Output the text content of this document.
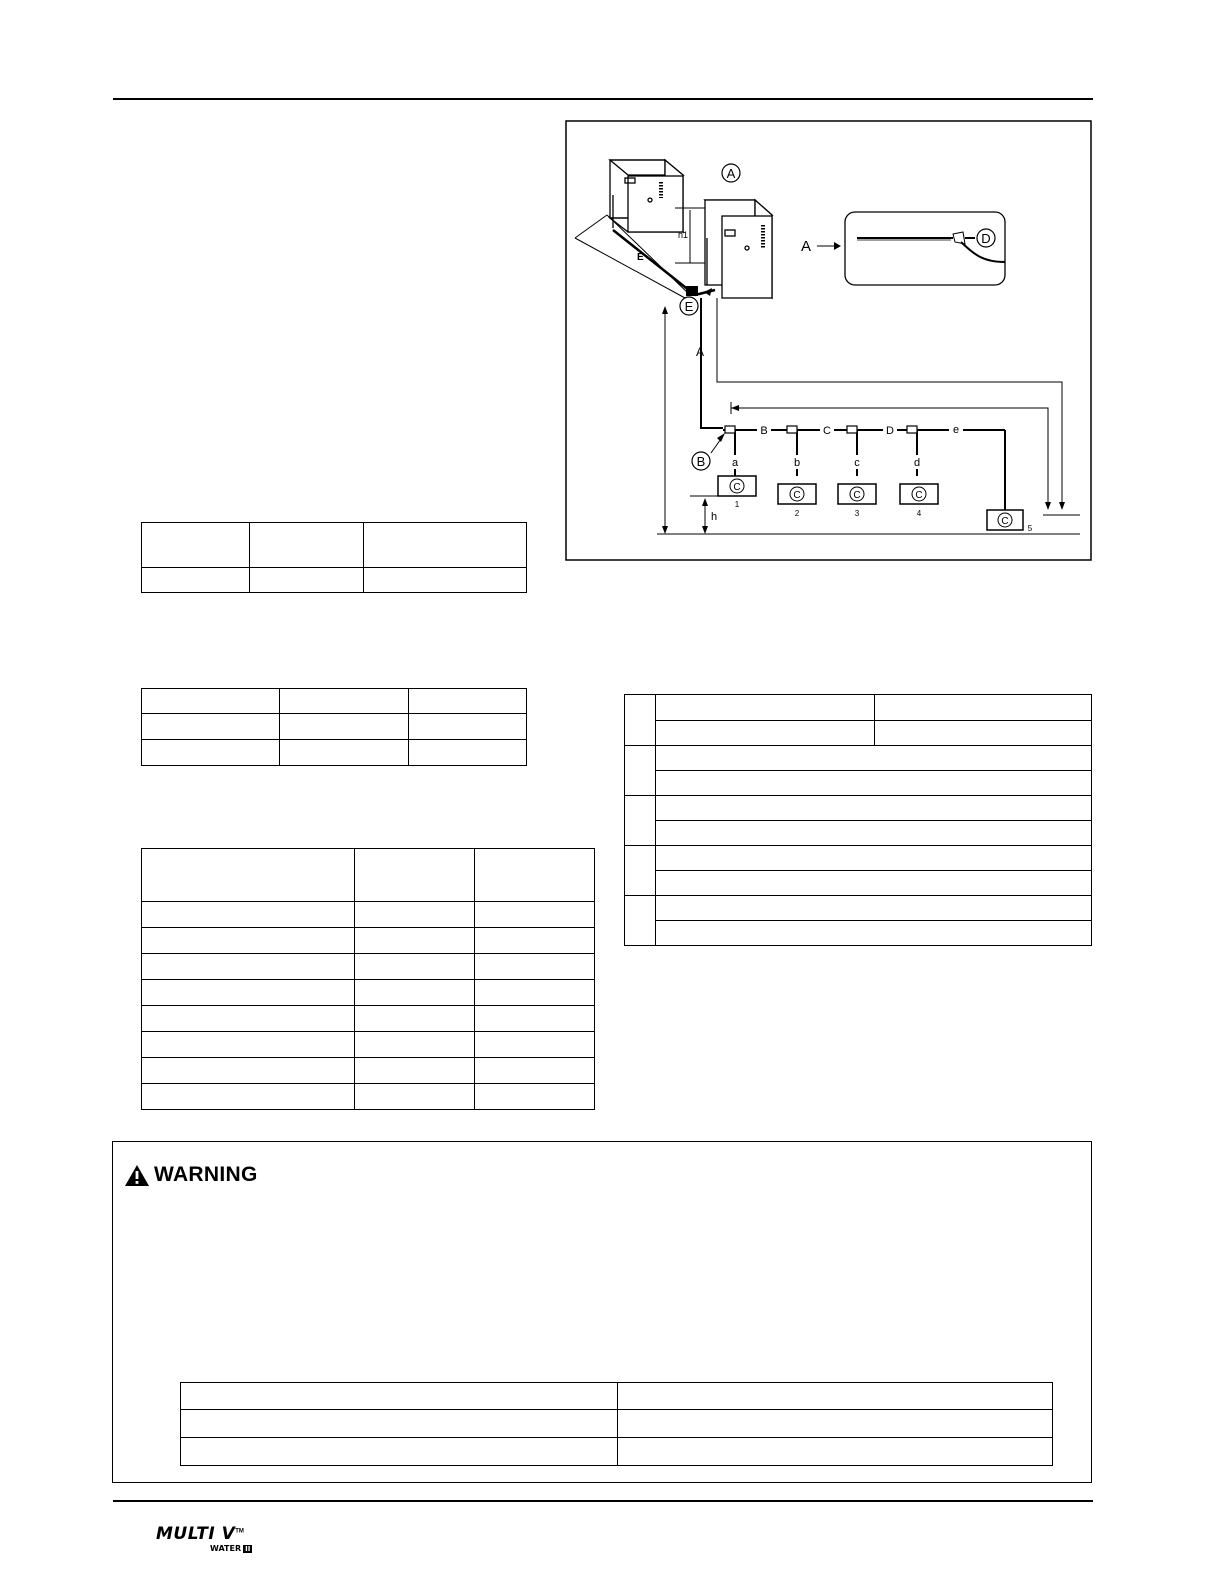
A
h1
E
E
A
B	C	D	e
a	b	c	d
B
C
C	C	C
C
1
2	3	4
5
h
D
A
WARNING

MULTI V™
WATER II
